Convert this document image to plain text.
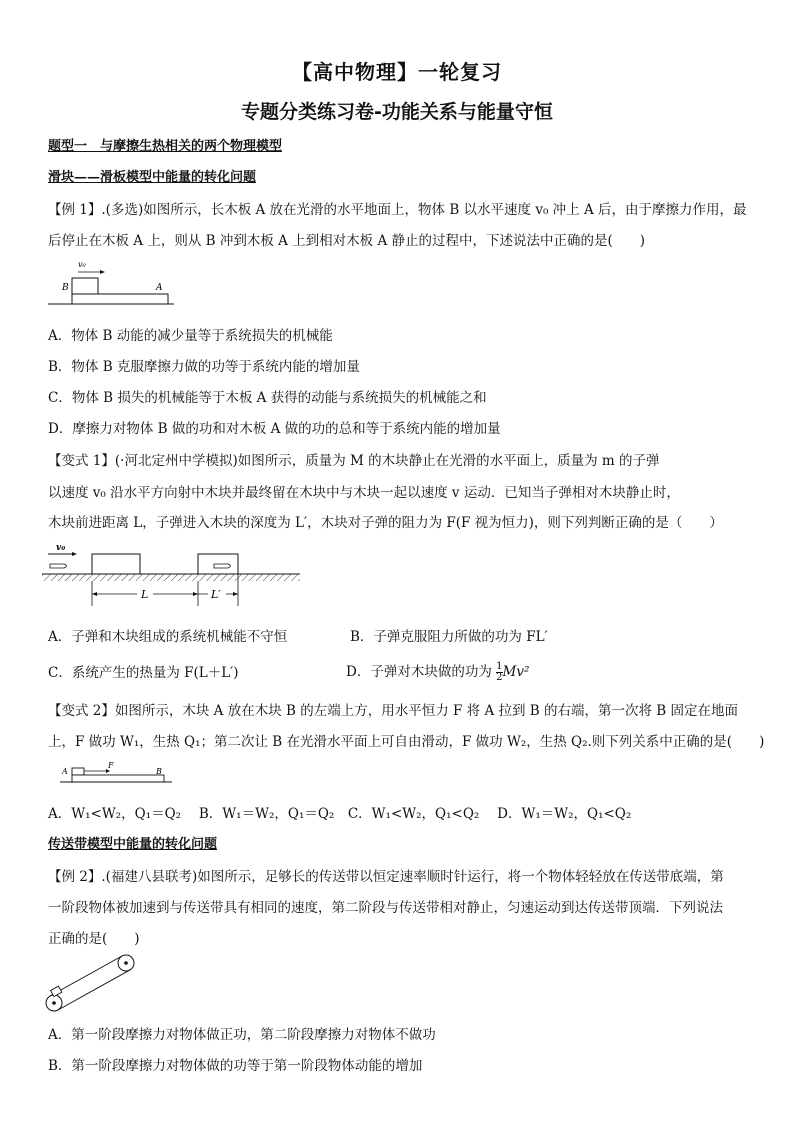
【高中物理】一轮复习
专题分类练习卷-功能关系与能量守恒
题型一　与摩擦生热相关的两个物理模型
滑块——滑板模型中能量的转化问题
【例 1】.(多选)如图所示，长木板 A 放在光滑的水平地面上，物体 B 以水平速度 v₀ 冲上 A 后，由于摩擦力作用，最
后停止在木板 A 上，则从 B 冲到木板 A 上到相对木板 A 静止的过程中，下述说法中正确的是(　　)
v₀
B	A
A．物体 B 动能的减少量等于系统损失的机械能
B．物体 B 克服摩擦力做的功等于系统内能的增加量
C．物体 B 损失的机械能等于木板 A 获得的动能与系统损失的机械能之和
D．摩擦力对物体 B 做的功和对木板 A 做的功的总和等于系统内能的增加量
【变式 1】(·河北定州中学模拟)如图所示，质量为 M 的木块静止在光滑的水平面上，质量为 m 的子弹
以速度 v₀ 沿水平方向射中木块并最终留在木块中与木块一起以速度 v 运动．已知当子弹相对木块静止时，
木块前进距离 L，子弹进入木块的深度为 L′，木块对子弹的阻力为 F(F 视为恒力)，则下列判断正确的是（　　）
v₀
L	L′
A．子弹和木块组成的系统机械能不守恒	B．子弹克服阻力所做的功为 FL′
C．系统产生的热量为 F(L＋L′)	D．子弹对木块做的功为 $\frac{1}{2} Mv^2$
【变式 2】如图所示，木块 A 放在木块 B 的左端上方，用水平恒力 F 将 A 拉到 B 的右端，第一次将 B 固定在地面
上，F 做功 W₁，生热 Q₁；第二次让 B 在光滑水平面上可自由滑动，F 做功 W₂，生热 Q₂.则下列关系中正确的是(　　)
A
F
B
A．W₁<W₂，Q₁＝Q₂　 B．W₁＝W₂，Q₁＝Q₂　C．W₁<W₂，Q₁<Q₂　 D．W₁＝W₂，Q₁<Q₂
传送带模型中能量的转化问题
【例 2】.(福建八县联考)如图所示，足够长的传送带以恒定速率顺时针运行，将一个物体轻轻放在传送带底端，第
一阶段物体被加速到与传送带具有相同的速度，第二阶段与传送带相对静止，匀速运动到达传送带顶端．下列说法
正确的是(　　)
A．第一阶段摩擦力对物体做正功，第二阶段摩擦力对物体不做功
B．第一阶段摩擦力对物体做的功等于第一阶段物体动能的增加
